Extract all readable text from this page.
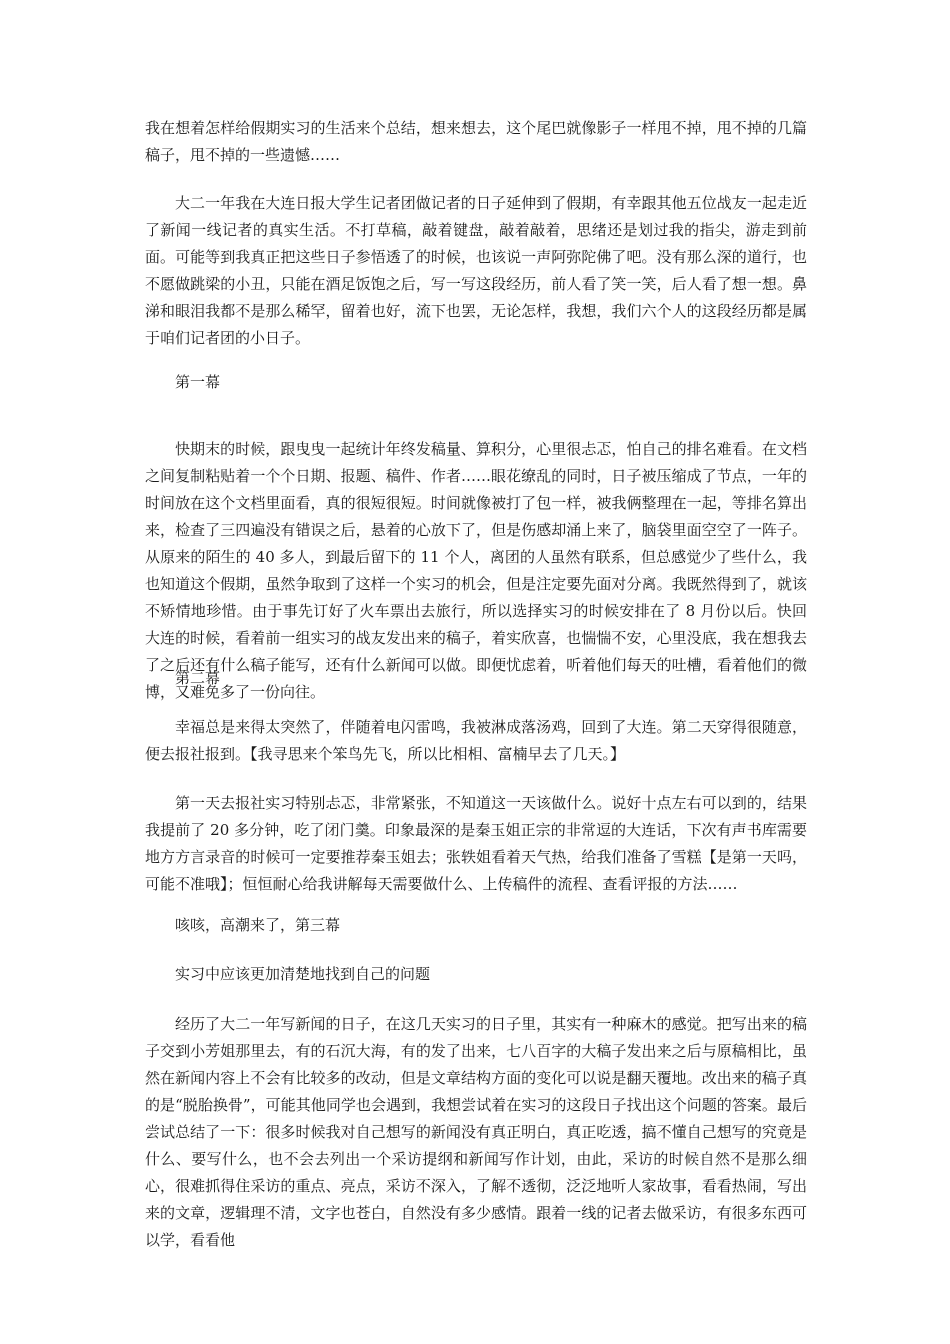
我在想着怎样给假期实习的生活来个总结，想来想去，这个尾巴就像影子一样甩不掉，甩不掉的几篇稿子，甩不掉的一些遗憾……

大二一年我在大连日报大学生记者团做记者的日子延伸到了假期，有幸跟其他五位战友一起走近了新闻一线记者的真实生活。不打草稿，敲着键盘，敲着敲着，思绪还是划过我的指尖，游走到前面。可能等到我真正把这些日子参悟透了的时候，也该说一声阿弥陀佛了吧。没有那么深的道行，也不愿做跳梁的小丑，只能在酒足饭饱之后，写一写这段经历，前人看了笑一笑，后人看了想一想。鼻涕和眼泪我都不是那么稀罕，留着也好，流下也罢，无论怎样，我想，我们六个人的这段经历都是属于咱们记者团的小日子。

第一幕

快期末的时候，跟曳曳一起统计年终发稿量、算积分，心里很忐忑，怕自己的排名难看。在文档之间复制粘贴着一个个日期、报题、稿件、作者……眼花缭乱的同时，日子被压缩成了节点，一年的时间放在这个文档里面看，真的很短很短。时间就像被打了包一样，被我俩整理在一起，等排名算出来，检查了三四遍没有错误之后，悬着的心放下了，但是伤感却涌上来了，脑袋里面空空了一阵子。从原来的陌生的 40 多人，到最后留下的 11 个人，离团的人虽然有联系，但总感觉少了些什么，我也知道这个假期，虽然争取到了这样一个实习的机会，但是注定要先面对分离。我既然得到了，就该不矫情地珍惜。由于事先订好了火车票出去旅行，所以选择实习的时候安排在了 8 月份以后。快回大连的时候，看着前一组实习的战友发出来的稿子，着实欣喜，也惴惴不安，心里没底，我在想我去了之后还有什么稿子能写，还有什么新闻可以做。即便忧虑着，听着他们每天的吐槽，看着他们的微博，又难免多了一份向往。

第二幕

幸福总是来得太突然了，伴随着电闪雷鸣，我被淋成落汤鸡，回到了大连。第二天穿得很随意，便去报社报到。【我寻思来个笨鸟先飞，所以比相相、富楠早去了几天。】

第一天去报社实习特别忐忑，非常紧张，不知道这一天该做什么。说好十点左右可以到的，结果我提前了 20 多分钟，吃了闭门羹。印象最深的是秦玉姐正宗的非常逗的大连话，下次有声书库需要地方方言录音的时候可一定要推荐秦玉姐去；张轶姐看着天气热，给我们准备了雪糕【是第一天吗，可能不准哦】；恒恒耐心给我讲解每天需要做什么、上传稿件的流程、查看评报的方法……

咳咳，高潮来了，第三幕

实习中应该更加清楚地找到自己的问题

经历了大二一年写新闻的日子，在这几天实习的日子里，其实有一种麻木的感觉。把写出来的稿子交到小芳姐那里去，有的石沉大海，有的发了出来，七八百字的大稿子发出来之后与原稿相比，虽然在新闻内容上不会有比较多的改动，但是文章结构方面的变化可以说是翻天覆地。改出来的稿子真的是“脱胎换骨”，可能其他同学也会遇到，我想尝试着在实习的这段日子找出这个问题的答案。最后尝试总结了一下：很多时候我对自己想写的新闻没有真正明白，真正吃透，搞不懂自己想写的究竟是什么、要写什么，也不会去列出一个采访提纲和新闻写作计划，由此，采访的时候自然不是那么细心，很难抓得住采访的重点、亮点，采访不深入，了解不透彻，泛泛地听人家故事，看看热闹，写出来的文章，逻辑理不清，文字也苍白，自然没有多少感情。跟着一线的记者去做采访，有很多东西可以学，看看他
